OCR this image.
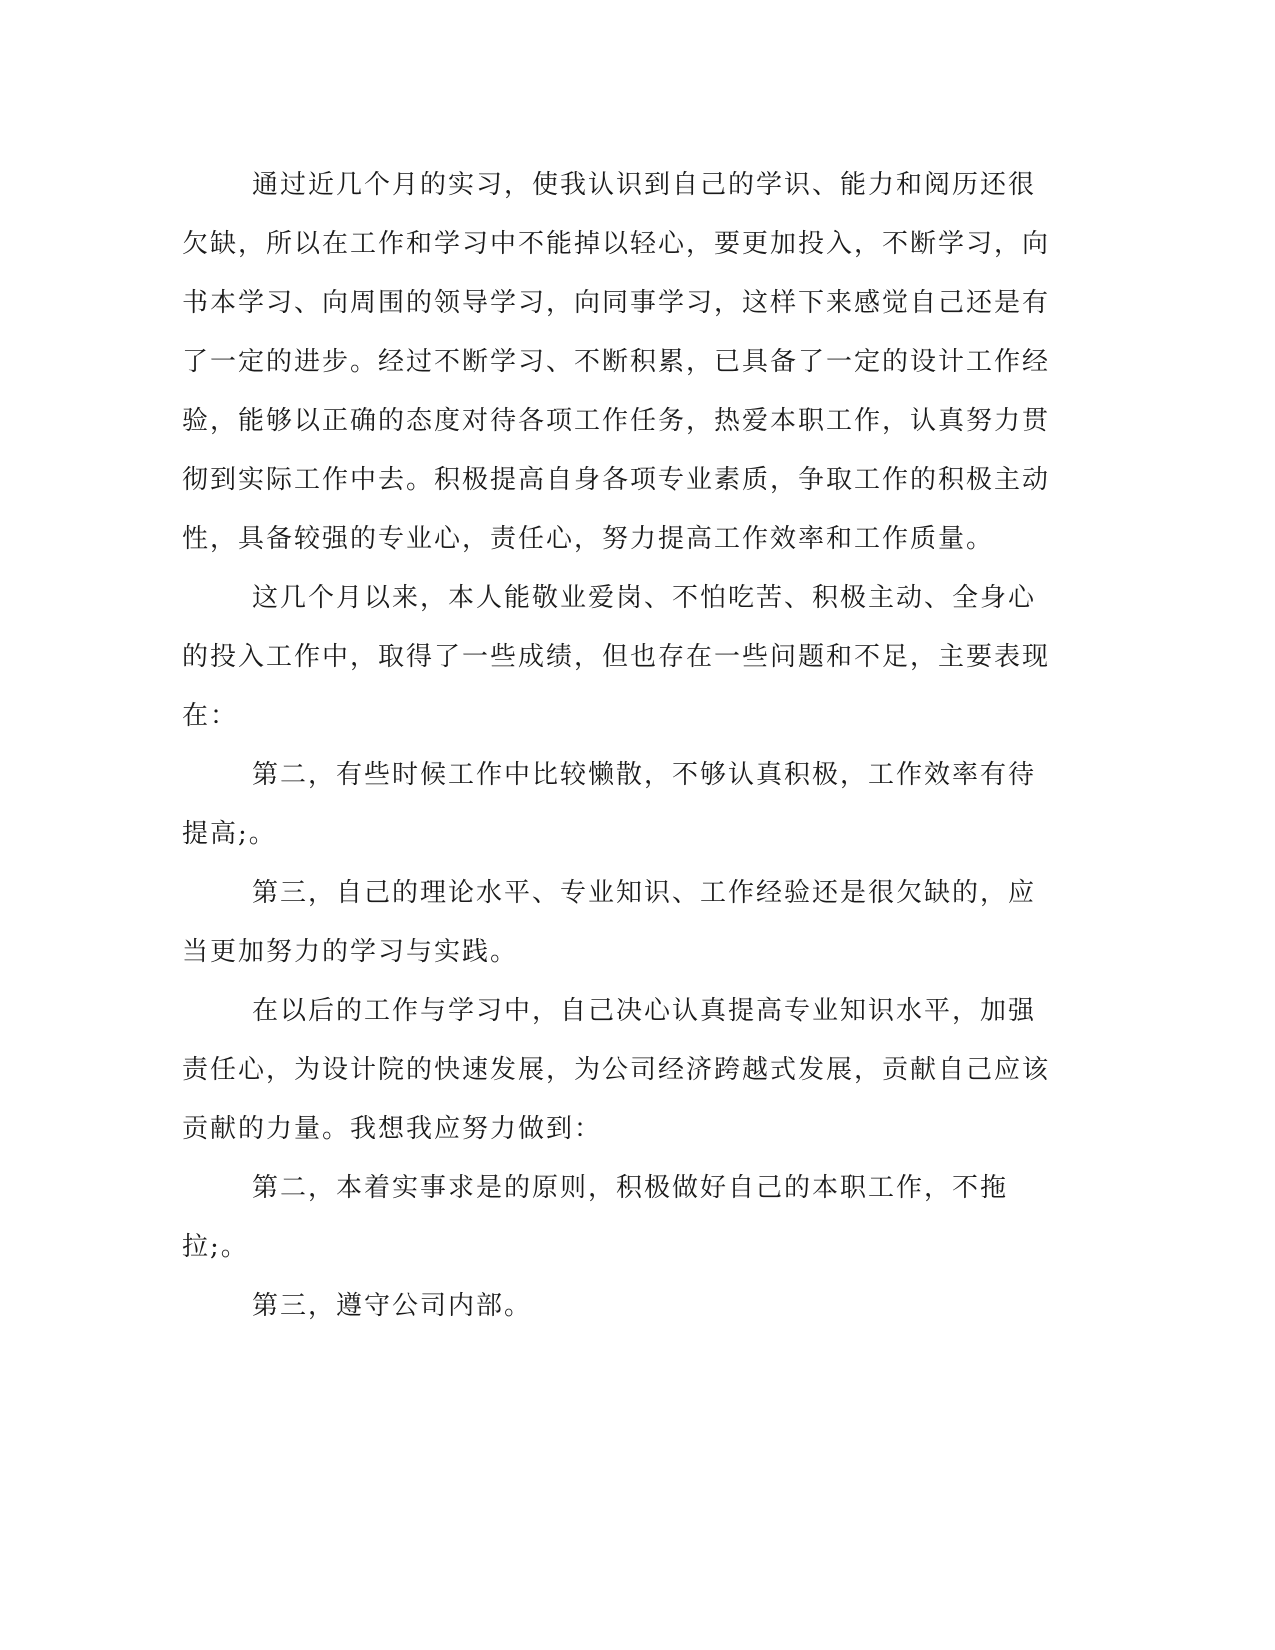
通过近几个月的实习，使我认识到自己的学识、能力和阅历还很欠缺，所以在工作和学习中不能掉以轻心，要更加投入，不断学习，向书本学习、向周围的领导学习，向同事学习，这样下来感觉自己还是有了一定的进步。经过不断学习、不断积累，已具备了一定的设计工作经验，能够以正确的态度对待各项工作任务，热爱本职工作，认真努力贯彻到实际工作中去。积极提高自身各项专业素质，争取工作的积极主动性，具备较强的专业心，责任心，努力提高工作效率和工作质量。

这几个月以来，本人能敬业爱岗、不怕吃苦、积极主动、全身心的投入工作中，取得了一些成绩，但也存在一些问题和不足，主要表现在：

第二，有些时候工作中比较懒散，不够认真积极，工作效率有待提高;。

第三，自己的理论水平、专业知识、工作经验还是很欠缺的，应当更加努力的学习与实践。

在以后的工作与学习中，自己决心认真提高专业知识水平，加强责任心，为设计院的快速发展，为公司经济跨越式发展，贡献自己应该贡献的力量。我想我应努力做到：

第二，本着实事求是的原则，积极做好自己的本职工作，不拖拉;。

第三，遵守公司内部。
